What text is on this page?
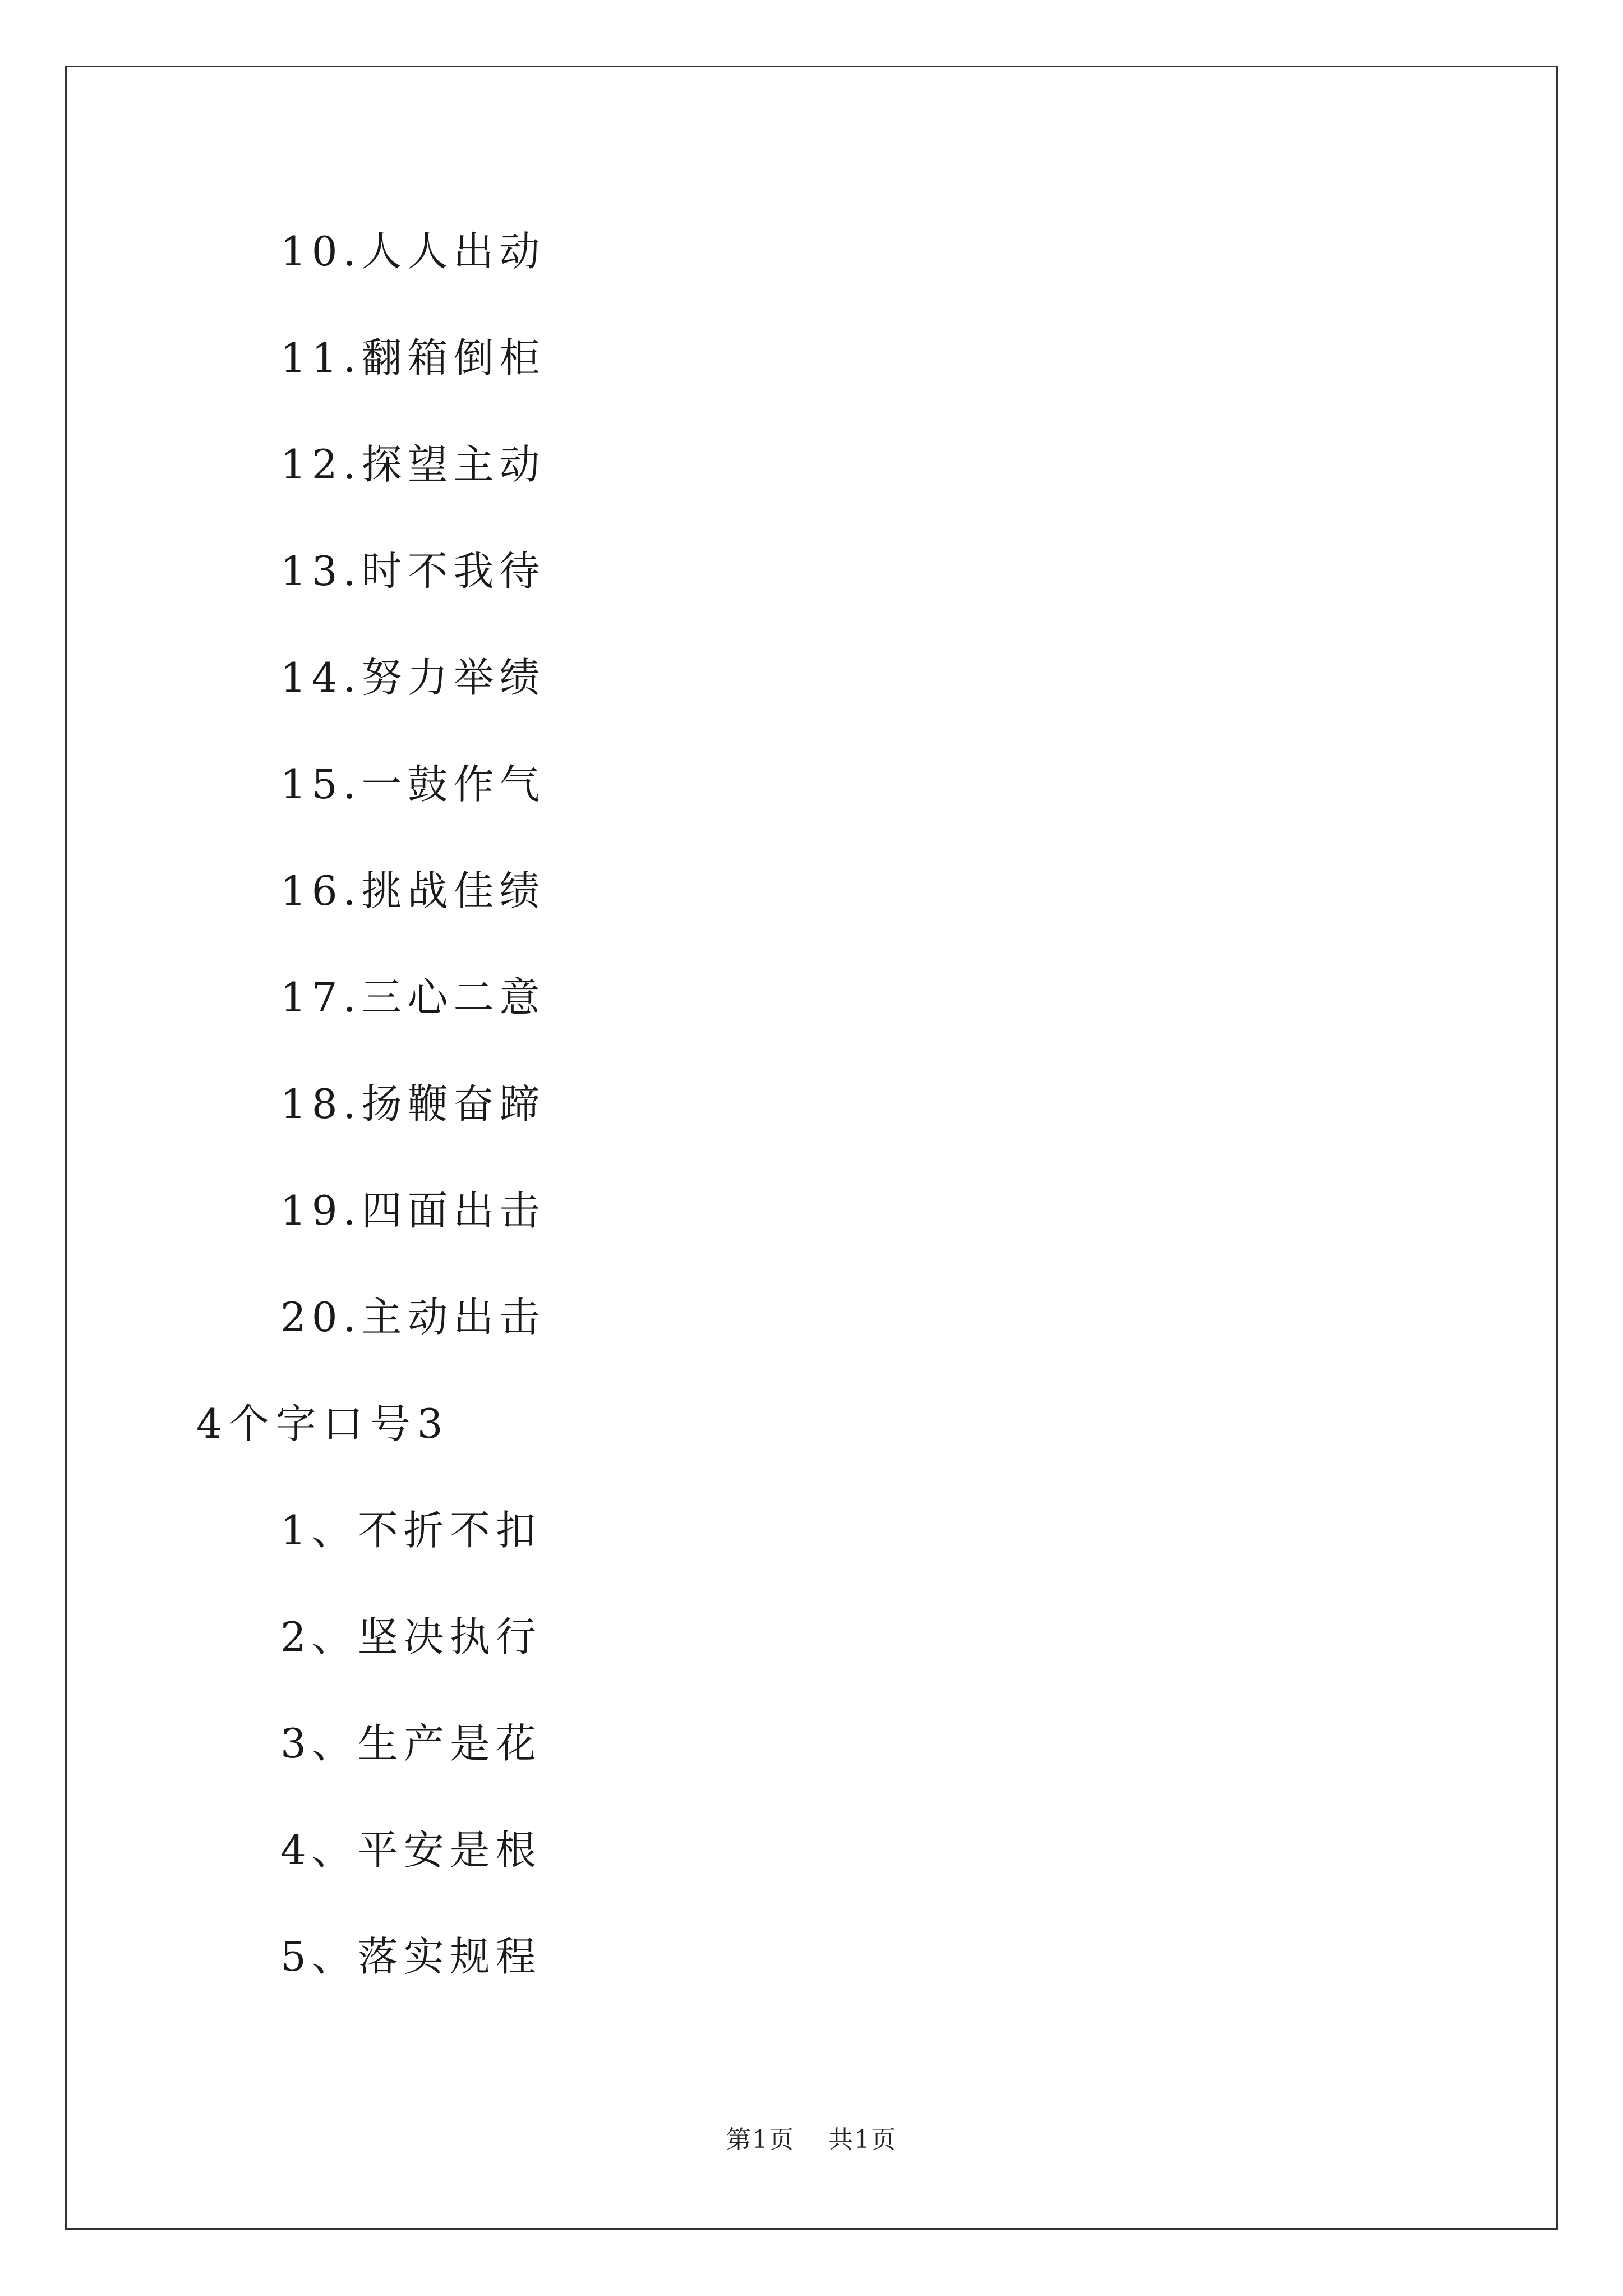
10.人人出动
11.翻箱倒柜
12.探望主动
13.时不我待
14.努力举绩
15.一鼓作气
16.挑战佳绩
17.三心二意
18.扬鞭奋蹄
19.四面出击
20.主动出击
4个字口号3
1、不折不扣
2、坚决执行
3、生产是花
4、平安是根
5、落实规程
第1页 共1页
